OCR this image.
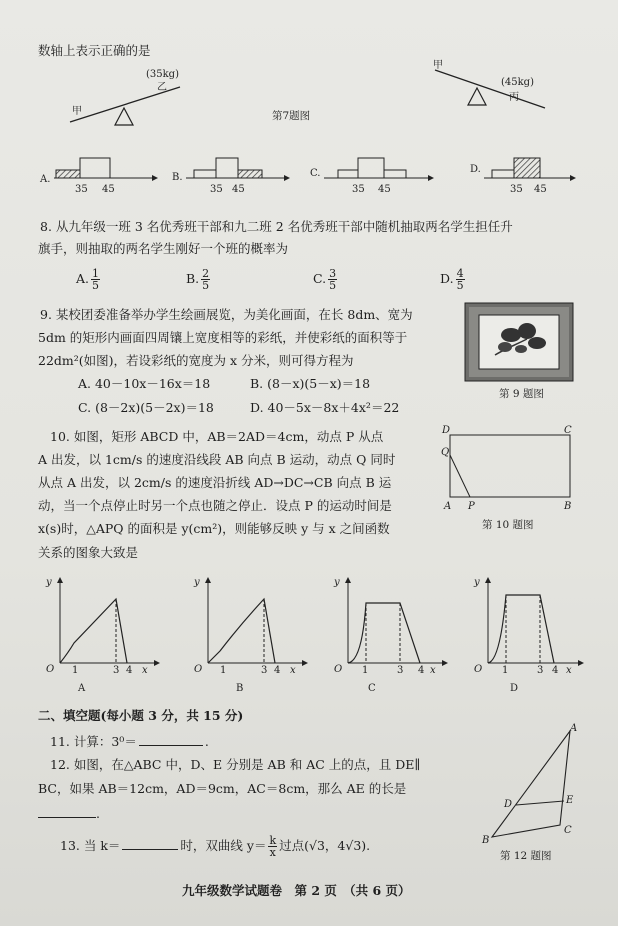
数轴上表示正确的是
甲
乙
(35kg)
甲
丙
(45kg)
第7题图
A.
35 45
B.
35 45
C.
35 45
D.
35 45
8. 从九年级一班 3 名优秀班干部和九二班 2 名优秀班干部中随机抽取两名学生担任升
旗手，则抽取的两名学生刚好一个班的概率为
A. $\frac{1}{5}$	B. $\frac{2}{5}$	C. $\frac{3}{5}$	D. $\frac{4}{5}$
9. 某校团委准备举办学生绘画展览，为美化画面，在长 8dm、宽为
5dm 的矩形内画面四周镶上宽度相等的彩纸，并使彩纸的面积等于
22dm²(如图)，若设彩纸的宽度为 x 分米，则可得方程为
A. 40－10x－16x＝18	B. (8－x)(5－x)＝18
C. (8－2x)(5－2x)＝18	D. 40－5x－8x＋4x²＝22
第 9 题图
10. 如图，矩形 ABCD 中，AB＝2AD＝4cm，动点 P 从点
A 出发，以 1cm/s 的速度沿线段 AB 向点 B 运动，动点 Q 同时
从点 A 出发，以 2cm/s 的速度沿折线 AD→DC→CB 向点 B 运
动，当一个点停止时另一个点也随之停止．设点 P 的运动时间是
x(s)时，△APQ 的面积是 y(cm²)，则能够反映 y 与 x 之间函数
关系的图象大致是
D	C
Q
A P	B
第 10 题图
y
O 1	3 4 x
A
y
O 1	3 4 x
B
y
O 1	3 4 x
C
y
O 1	3 4 x
D
二、填空题(每小题 3 分，共 15 分)
11. 计算：3⁰＝	.
12. 如图，在△ABC 中，D、E 分别是 AB 和 AC 上的点，且 DE∥
BC，如果 AB＝12cm，AD＝9cm，AC＝8cm，那么 AE 的长是
.
A
B
C
D	E
第 12 题图
13. 当 k＝	时，双曲线 $y= \frac{k}{x}$ 过点(√3，4√3).
九年级数学试题卷　第 2 页　（共 6 页）
